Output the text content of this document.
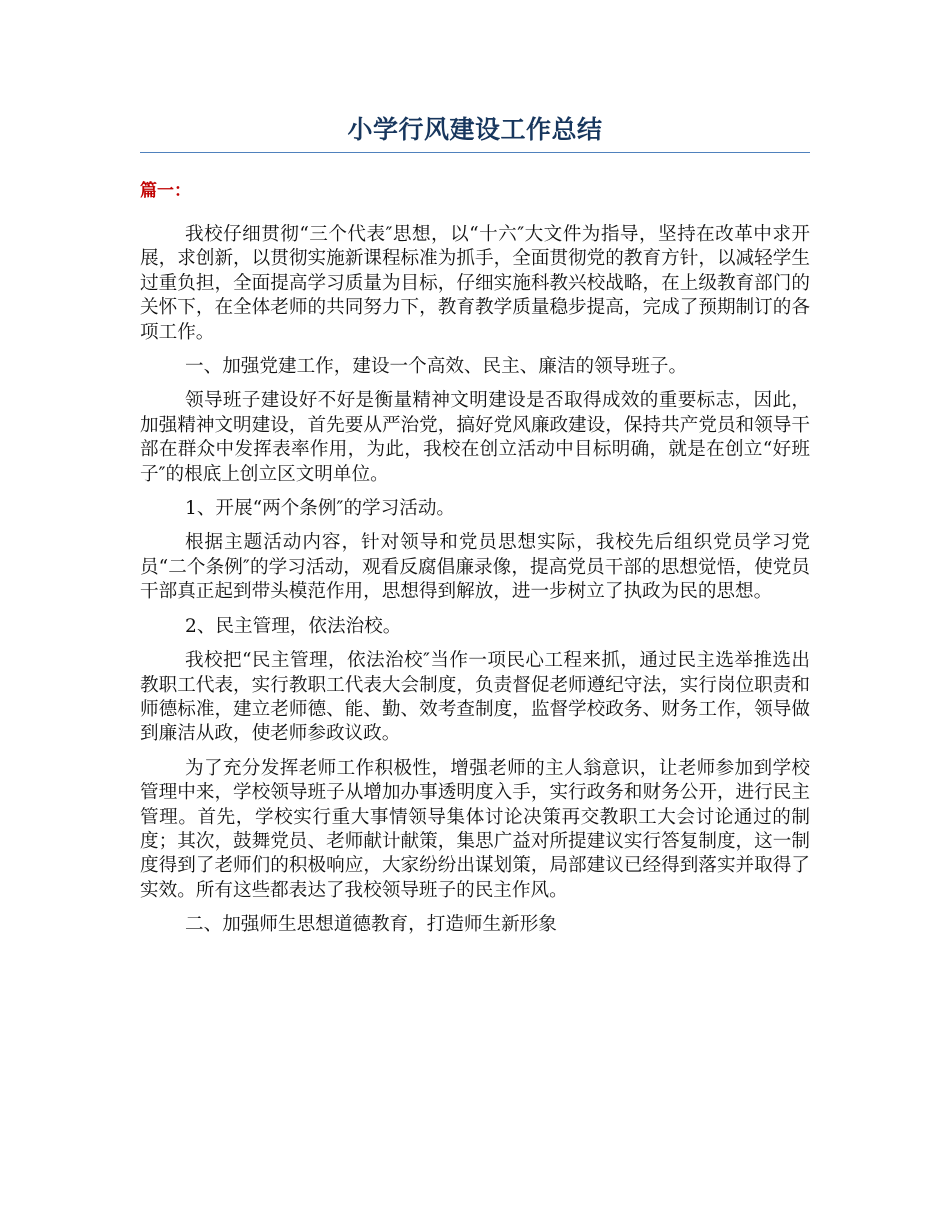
小学行风建设工作总结
篇一：

我校仔细贯彻“三个代表″思想，以“十六″大文件为指导，坚持在改革中求开展，求创新，以贯彻实施新课程标准为抓手，全面贯彻党的教育方针，以减轻学生过重负担，全面提高学习质量为目标，仔细实施科教兴校战略，在上级教育部门的关怀下，在全体老师的共同努力下，教育教学质量稳步提高，完成了预期制订的各项工作。

一、加强党建工作，建设一个高效、民主、廉洁的领导班子。

领导班子建设好不好是衡量精神文明建设是否取得成效的重要标志，因此，加强精神文明建设，首先要从严治党，搞好党风廉政建设，保持共产党员和领导干部在群众中发挥表率作用，为此，我校在创立活动中目标明确，就是在创立“好班子″的根底上创立区文明单位。

1、开展“两个条例″的学习活动。

根据主题活动内容，针对领导和党员思想实际，我校先后组织党员学习党员“二个条例″的学习活动，观看反腐倡廉录像，提高党员干部的思想觉悟，使党员干部真正起到带头模范作用，思想得到解放，进一步树立了执政为民的思想。

2、民主管理，依法治校。

我校把“民主管理，依法治校″当作一项民心工程来抓，通过民主选举推选出教职工代表，实行教职工代表大会制度，负责督促老师遵纪守法，实行岗位职责和师德标准，建立老师德、能、勤、效考查制度，监督学校政务、财务工作，领导做到廉洁从政，使老师参政议政。

为了充分发挥老师工作积极性，增强老师的主人翁意识，让老师参加到学校管理中来，学校领导班子从增加办事透明度入手，实行政务和财务公开，进行民主管理。首先，学校实行重大事情领导集体讨论决策再交教职工大会讨论通过的制度；其次，鼓舞党员、老师献计献策，集思广益对所提建议实行答复制度，这一制度得到了老师们的积极响应，大家纷纷出谋划策，局部建议已经得到落实并取得了实效。所有这些都表达了我校领导班子的民主作风。

二、加强师生思想道德教育，打造师生新形象
